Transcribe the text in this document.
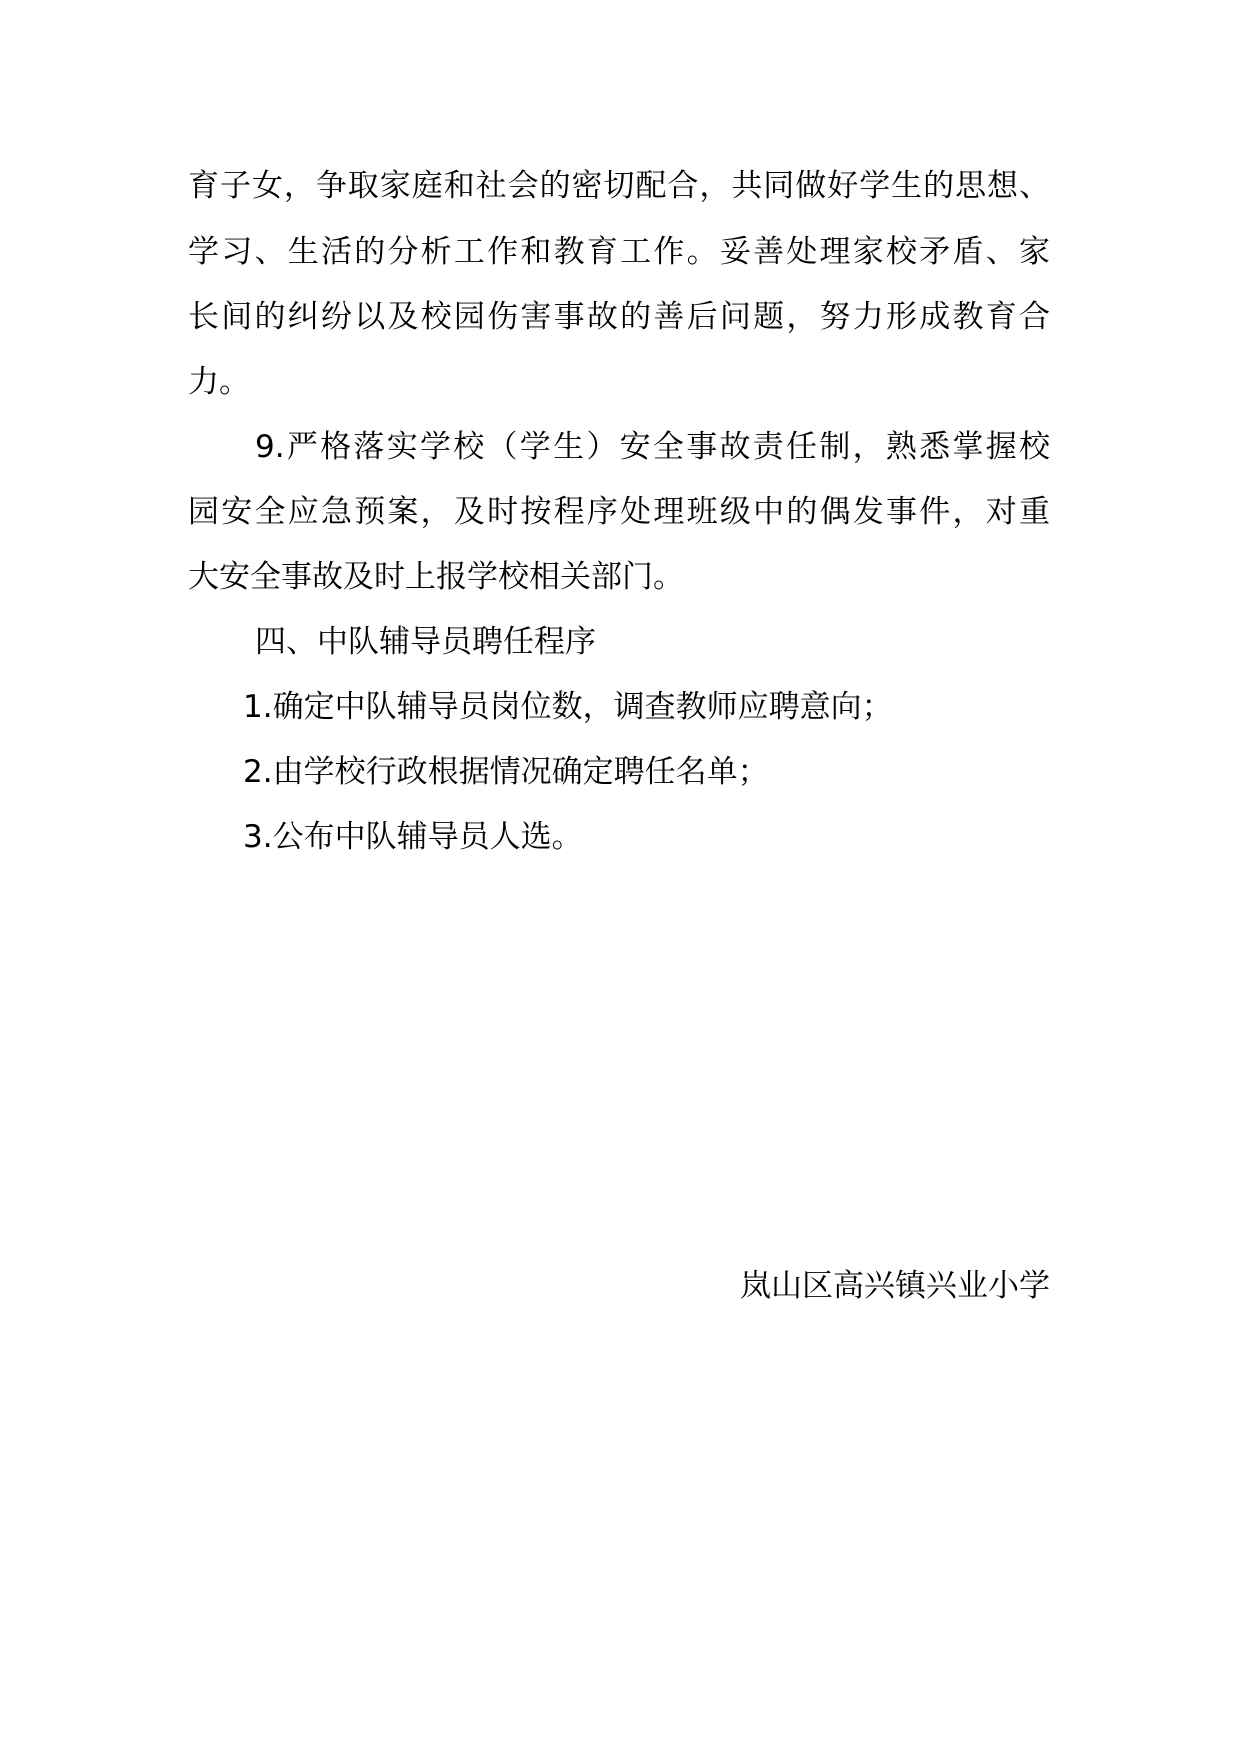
育子女，争取家庭和社会的密切配合，共同做好学生的思想、
学习、生活的分析工作和教育工作。妥善处理家校矛盾、家
长间的纠纷以及校园伤害事故的善后问题，努力形成教育合
力。
9.严格落实学校（学生）安全事故责任制，熟悉掌握校
园安全应急预案，及时按程序处理班级中的偶发事件，对重
大安全事故及时上报学校相关部门。
四、中队辅导员聘任程序
1.确定中队辅导员岗位数，调查教师应聘意向；
2.由学校行政根据情况确定聘任名单；
3.公布中队辅导员人选。
岚山区高兴镇兴业小学
